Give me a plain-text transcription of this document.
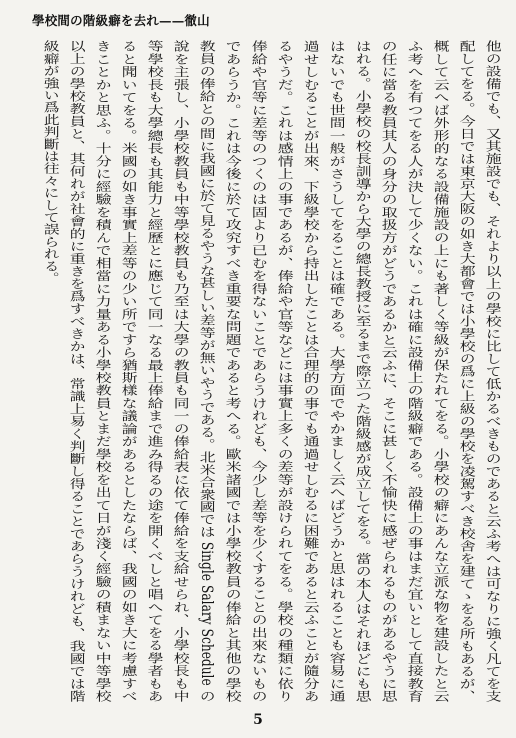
學校間の階級癖を去れ——徹山
他の設備でも、又其施設でも、それより以上の學校に比して低かるべきものであると云ふ考へは可なりに強く凡てを支
配してをる。今日では東京大阪の如き大都會では小學校の爲に上級の學校を凌駕すべき校舎を建てゝをる所もあるが、
概して云へば外形的なる設備施設の上にも著しく等級が保たれてをる。小學校の癖にあんな立派な物を建設したと云
ふ考へを有つてをる人が決して少くない。これは確に設備上の階級癖である。設備上の事はまだ宜いとして直接教育
の任に當る教員其人の身分の取扱方がどうであるかと云ふに、そこに甚しく不愉快に感ぜられるものがあるやうに思
はれる。小學校の校長訓導から大學の總長教授に至るまで際立つた階級感が成立してをる。當の本人はそれほどにも思
はないでも世間一般がさうしてをることは確である。大學方面でやかましく云へばどうかと思はれることも容易に通
過せしむることが出來、下級學校から持出したことは合理的の事でも通過せしむるに困難であると云ふことが隨分あ
るやうだ。これは感情上の事であるが、俸給や官等などには事實上多くの差等が設けられてをる。學校の種類に依り
俸給や官等に差等のつくのは固より已むを得ないことであらうけれども、今少し差等を少くすることの出來ないもの
であらうか。これは今後に於て攻究すべき重要な問題であると考へる。歐米諸國では小學校教員の俸給と其他の學校
教員の俸給との間に我國に於て見るやうな甚しい差等が無いやうである。北米合衆國では Single Salary Schedule の
說を主張し、小學校教員も中等學校教員も乃至は大學の教員も同一の俸給表に依て俸給を支給せられ、小學校長も中
等學校長も大學總長も其能力と經歷とに應じて同一なる最上俸給まで進み得るの途を開くべしと唱へてをる學者もあ
ると聞いてをる。米國の如き事實上差等の少い所ですら猶斯樣な議論があるとしたならば、我國の如き大に考慮すべ
きことかと思ふ。十分に經驗を積んで相當に力量ある小學校教員とまだ學校を出て日が淺く經驗の積まない中等學校
以上の學校教員と、其何れが社會的に重きを爲すべきかは、常識上易く判斷し得ることであらうけれども、我國では階
級癖が強い爲此判斷は往々にして誤られる。
5
